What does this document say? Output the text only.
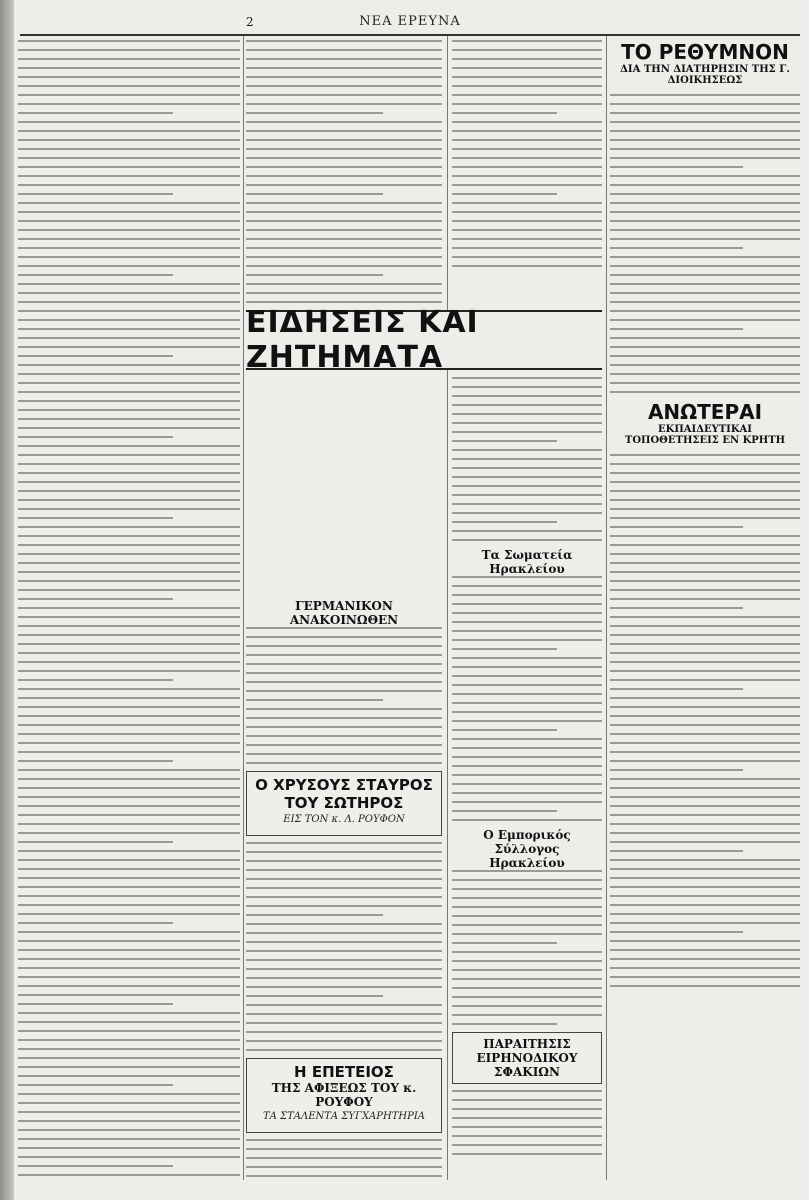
ΝΕΑ ΕΡΕΥΝΑ
2
ΓΕΡΜΑΝΙΚΟΝ ΑΝΑΚΟΙΝΩΘΕΝ
Ο ΧΡΥΣΟΥΣ ΣΤΑΥΡΟΣ
ΤΟΥ ΣΩΤΗΡΟΣ
ΕΙΣ ΤΟΝ κ. Λ. ΡΟΥΦΟΝ
Η ΕΠΕΤΕΙΟΣ
ΤΗΣ ΑΦΙΞΕΩΣ ΤΟΥ κ. ΡΟΥΦΟΥ
ΤΑ ΣΤΑΛΕΝΤΑ ΣΥΓΧΑΡΗΤΗΡΙΑ
Τα Σωματεία Ηρακλείου
Ο Εμπορικός Σύλλογος
Ηρακλείου
ΠΑΡΑΙΤΗΣΙΣ ΕΙΡΗΝΟΔΙΚΟΥ ΣΦΑΚΙΩΝ
ΕΙΔΗΣΕΙΣ ΚΑΙ ΖΗΤΗΜΑΤΑ
ΤΟ ΡΕΘΥΜΝΟΝ
ΔΙΑ ΤΗΝ ΔΙΑΤΗΡΗΣΙΝ ΤΗΣ Γ. ΔΙΟΙΚΗΣΕΩΣ
ΑΝΩΤΕΡΑΙ
ΕΚΠΑΙΔΕΥΤΙΚΑΙ ΤΟΠΟΘΕΤΗΣΕΙΣ ΕΝ ΚΡΗΤΗ
